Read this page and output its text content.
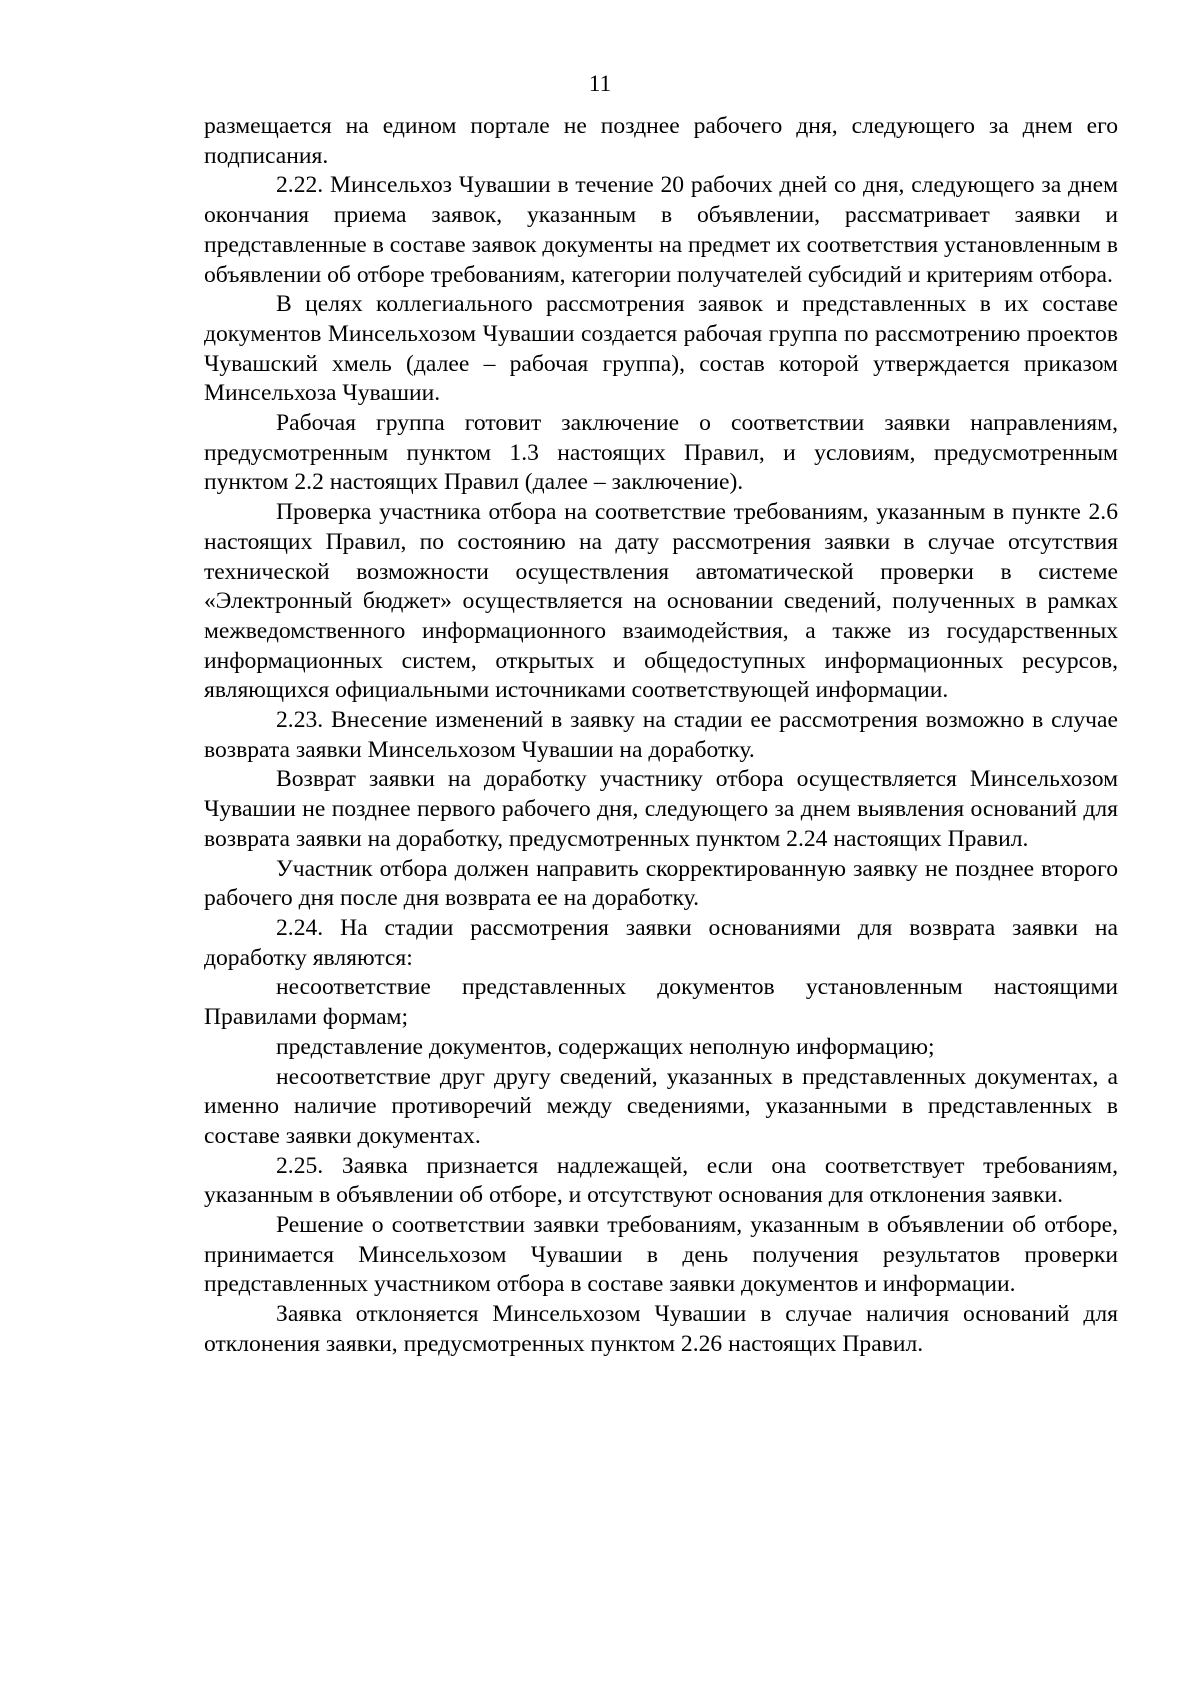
11

размещается на едином портале не позднее рабочего дня, следующего за днем его подписания.

2.22. Минсельхоз Чувашии в течение 20 рабочих дней со дня, следующего за днем окончания приема заявок, указанным в объявлении, рассматривает заявки и представленные в составе заявок документы на предмет их соответствия установленным в объявлении об отборе требованиям, категории получателей субсидий и критериям отбора.

В целях коллегиального рассмотрения заявок и представленных в их составе документов Минсельхозом Чувашии создается рабочая группа по рассмотрению проектов Чувашский хмель (далее – рабочая группа), состав которой утверждается приказом Минсельхоза Чувашии.

Рабочая группа готовит заключение о соответствии заявки направлениям, предусмотренным пунктом 1.3 настоящих Правил, и условиям, предусмотренным пунктом 2.2 настоящих Правил (далее – заключение).

Проверка участника отбора на соответствие требованиям, указанным в пункте 2.6 настоящих Правил, по состоянию на дату рассмотрения заявки в случае отсутствия технической возможности осуществления автоматической проверки в системе «Электронный бюджет» осуществляется на основании сведений, полученных в рамках межведомственного информационного взаимодействия, а также из государственных информационных систем, открытых и общедоступных информационных ресурсов, являющихся официальными источниками соответствующей информации.

2.23. Внесение изменений в заявку на стадии ее рассмотрения возможно в случае возврата заявки Минсельхозом Чувашии на доработку.

Возврат заявки на доработку участнику отбора осуществляется Минсельхозом Чувашии не позднее первого рабочего дня, следующего за днем выявления оснований для возврата заявки на доработку, предусмотренных пунктом 2.24 настоящих Правил.

Участник отбора должен направить скорректированную заявку не позднее второго рабочего дня после дня возврата ее на доработку.

2.24. На стадии рассмотрения заявки основаниями для возврата заявки на доработку являются:

несоответствие представленных документов установленным настоящими Правилами формам;

представление документов, содержащих неполную информацию;

несоответствие друг другу сведений, указанных в представленных документах, а именно наличие противоречий между сведениями, указанными в представленных в составе заявки документах.

2.25. Заявка признается надлежащей, если она соответствует требованиям, указанным в объявлении об отборе, и отсутствуют основания для отклонения заявки.

Решение о соответствии заявки требованиям, указанным в объявлении об отборе, принимается Минсельхозом Чувашии в день получения результатов проверки представленных участником отбора в составе заявки документов и информации.

Заявка отклоняется Минсельхозом Чувашии в случае наличия оснований для отклонения заявки, предусмотренных пунктом 2.26 настоящих Правил.
